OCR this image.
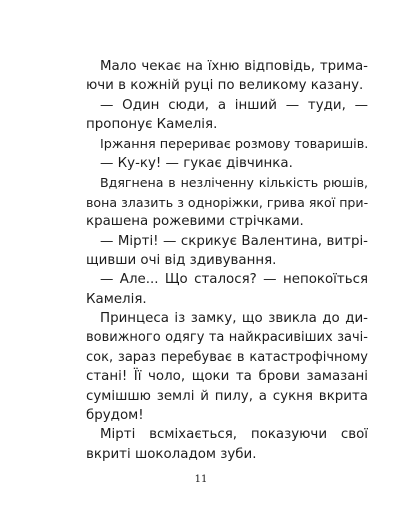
Мало чекає на їхню відповідь, трима-
ючи в кожній руці по великому казану.
— Один сюди, а інший — туди, —
пропонує Камелія.
Іржання перериває розмову товаришів.
— Ку-ку! — гукає дівчинка.
Вдягнена в незліченну кількість рюшів,
вона злазить з одноріжки, грива якої при-
крашена рожевими стрічками.
— Мірті! — скрикує Валентина, витрі-
щивши очі від здивування.
— Але... Що сталося? — непокоїться
Камелія.
Принцеса із замку, що звикла до ди-
вовижного одягу та найкрасивіших зачі-
сок, зараз перебуває в катастрофічному
стані! Її чоло, щоки та брови замазані
сумішшю землі й пилу, а сукня вкрита
брудом!
Мірті всміхається, показуючи свої
вкриті шоколадом зуби.
11
